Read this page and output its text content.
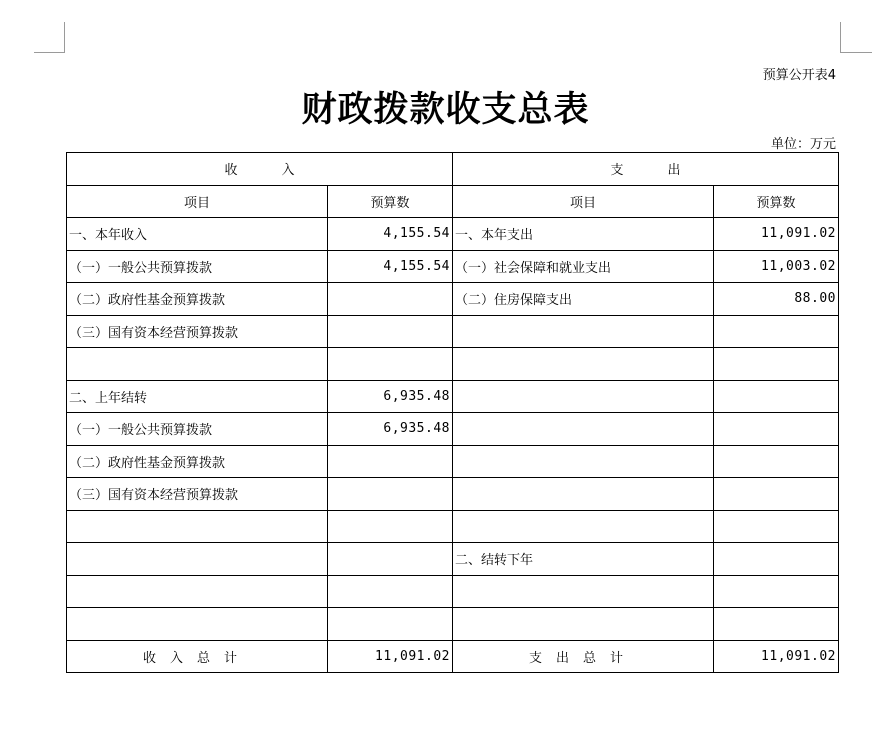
预算公开表4
财政拨款收支总表
单位：万元
收 入		支 出	
项目	预算数	项目	预算数
一、本年收入	4,155.54	一、本年支出	11,091.02
（一）一般公共预算拨款	4,155.54	（一）社会保障和就业支出	11,003.02
（二）政府性基金预算拨款		（二）住房保障支出	88.00
（三）国有资本经营预算拨款			

二、上年结转	6,935.48		
（一）一般公共预算拨款	6,935.48		
（二）政府性基金预算拨款			
（三）国有资本经营预算拨款			

		二、结转下年	

收入总计	11,091.02	支出总计	11,091.02
